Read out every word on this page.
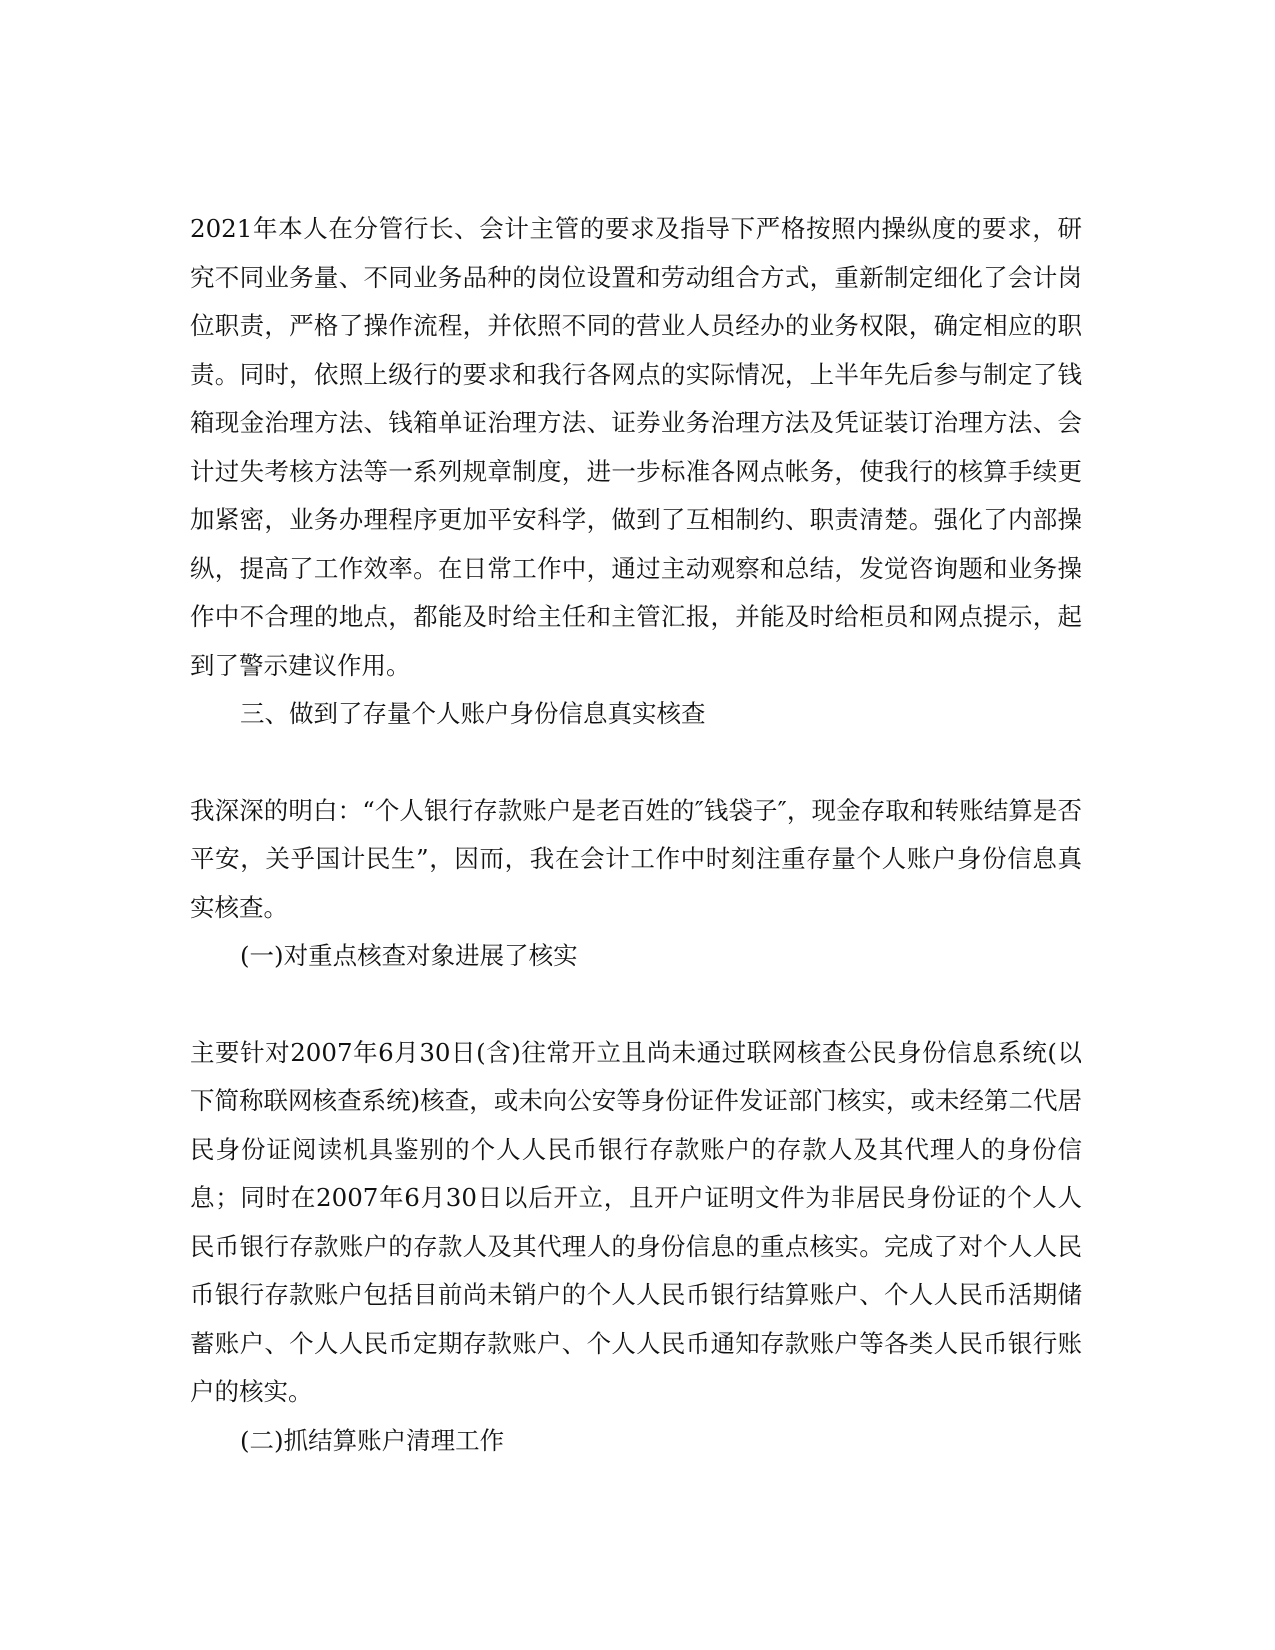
2021年本人在分管行长、会计主管的要求及指导下严格按照内操纵度的要求，研究不同业务量、不同业务品种的岗位设置和劳动组合方式，重新制定细化了会计岗位职责，严格了操作流程，并依照不同的营业人员经办的业务权限，确定相应的职责。同时，依照上级行的要求和我行各网点的实际情况，上半年先后参与制定了钱箱现金治理方法、钱箱单证治理方法、证券业务治理方法及凭证装订治理方法、会计过失考核方法等一系列规章制度，进一步标准各网点帐务，使我行的核算手续更加紧密，业务办理程序更加平安科学，做到了互相制约、职责清楚。强化了内部操纵，提高了工作效率。在日常工作中，通过主动观察和总结，发觉咨询题和业务操作中不合理的地点，都能及时给主任和主管汇报，并能及时给柜员和网点提示，起到了警示建议作用。

三、做到了存量个人账户身份信息真实核查

我深深的明白：“个人银行存款账户是老百姓的″钱袋子″，现金存取和转账结算是否平安，关乎国计民生”，因而，我在会计工作中时刻注重存量个人账户身份信息真实核查。

(一)对重点核查对象进展了核实

主要针对2007年6月30日(含)往常开立且尚未通过联网核查公民身份信息系统(以下简称联网核查系统)核查，或未向公安等身份证件发证部门核实，或未经第二代居民身份证阅读机具鉴别的个人人民币银行存款账户的存款人及其代理人的身份信息；同时在2007年6月30日以后开立，且开户证明文件为非居民身份证的个人人民币银行存款账户的存款人及其代理人的身份信息的重点核实。完成了对个人人民币银行存款账户包括目前尚未销户的个人人民币银行结算账户、个人人民币活期储蓄账户、个人人民币定期存款账户、个人人民币通知存款账户等各类人民币银行账户的核实。

(二)抓结算账户清理工作
